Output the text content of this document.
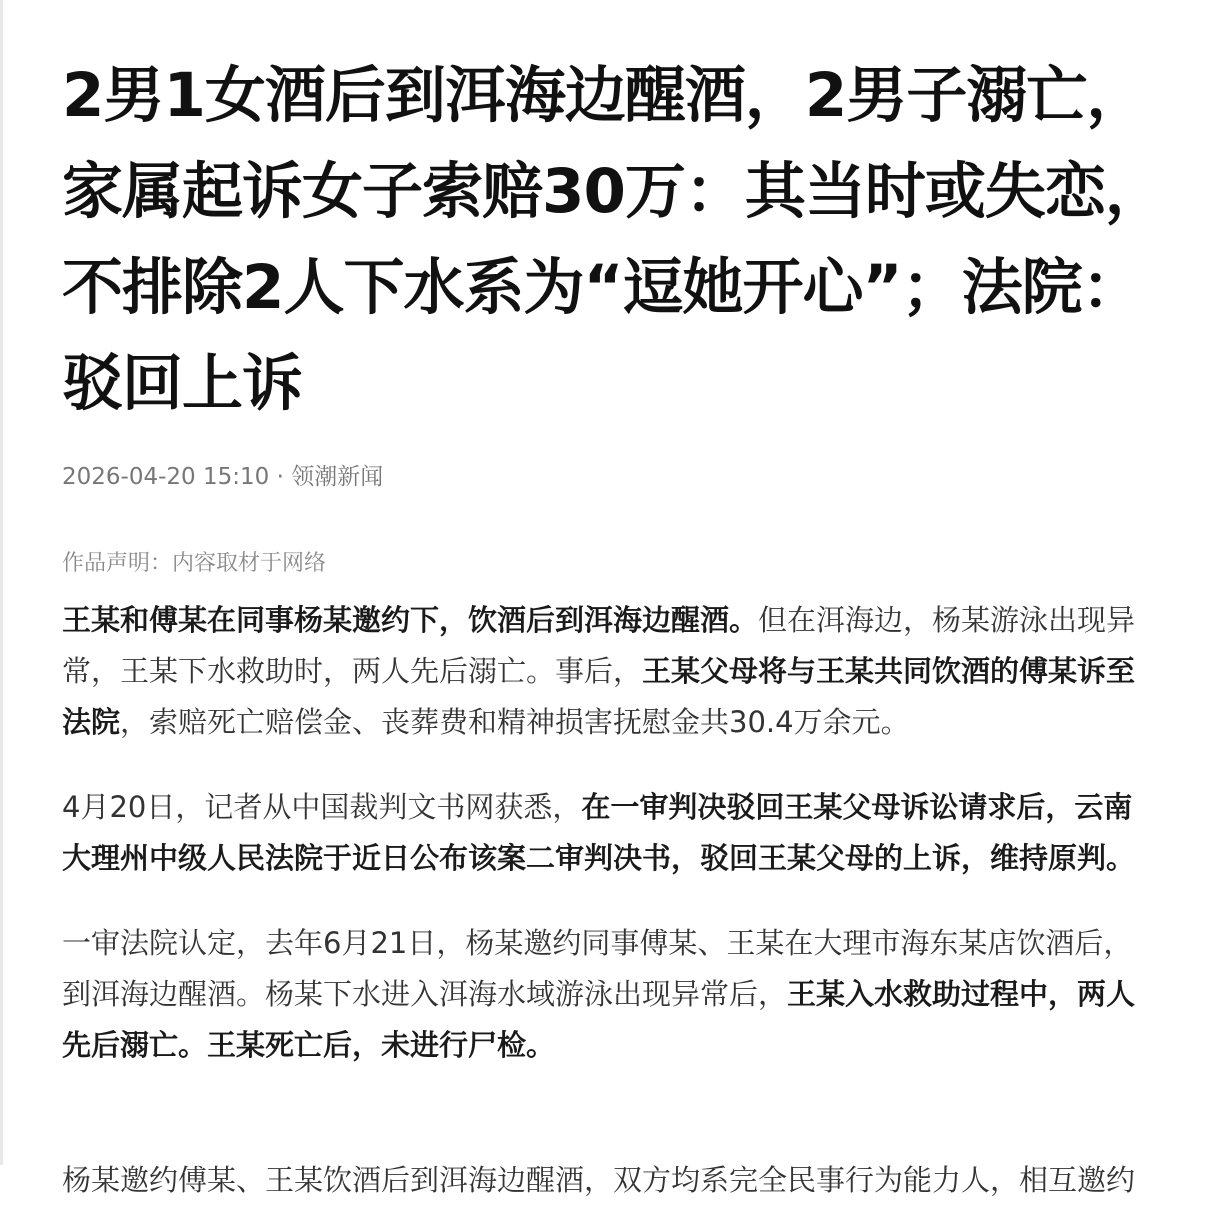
2男1女酒后到洱海边醒酒，2男子溺亡，
家属起诉女子索赔30万：其当时或失恋，
不排除2人下水系为“逗她开心”；法院：
驳回上诉
2026-04-20 15:10 · 领潮新闻
作品声明：内容取材于网络
王某和傅某在同事杨某邀约下，饮酒后到洱海边醒酒。但在洱海边，杨某游泳出现异
常，王某下水救助时，两人先后溺亡。事后，王某父母将与王某共同饮酒的傅某诉至
法院，索赔死亡赔偿金、丧葬费和精神损害抚慰金共30.4万余元。
4月20日，记者从中国裁判文书网获悉，在一审判决驳回王某父母诉讼请求后，云南
大理州中级人民法院于近日公布该案二审判决书，驳回王某父母的上诉，维持原判。
一审法院认定，去年6月21日，杨某邀约同事傅某、王某在大理市海东某店饮酒后，
到洱海边醒酒。杨某下水进入洱海水域游泳出现异常后，王某入水救助过程中，两人
先后溺亡。王某死亡后，未进行尸检。
杨某邀约傅某、王某饮酒后到洱海边醒酒，双方均系完全民事行为能力人，相互邀约
